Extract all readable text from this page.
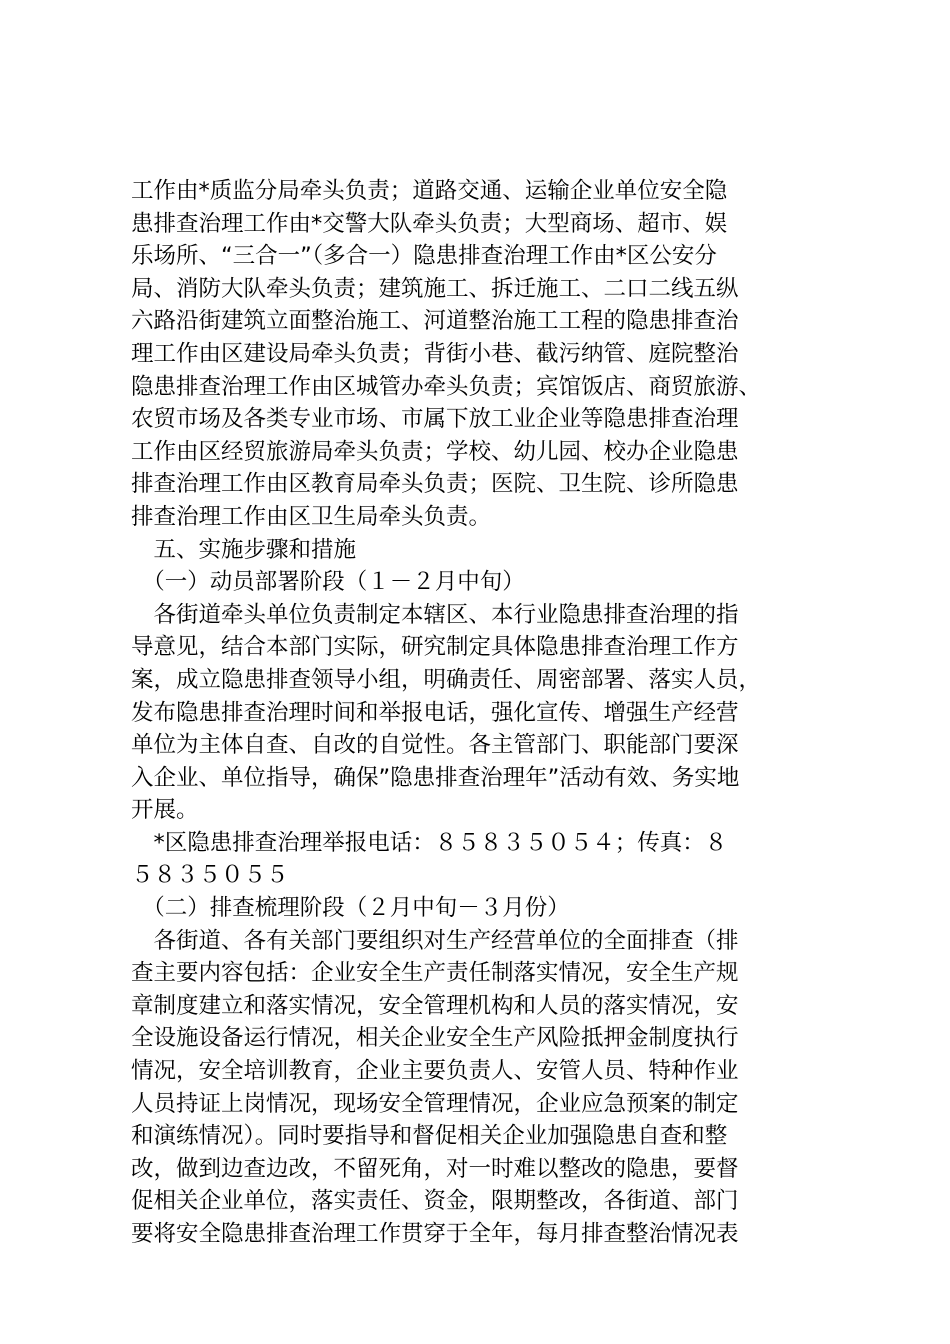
工作由*质监分局牵头负责；道路交通、运输企业单位安全隐
患排查治理工作由*交警大队牵头负责；大型商场、超市、娱
乐场所、“三合一”（多合一）隐患排查治理工作由*区公安分
局、消防大队牵头负责；建筑施工、拆迁施工、二口二线五纵
六路沿街建筑立面整治施工、河道整治施工工程的隐患排查治
理工作由区建设局牵头负责；背街小巷、截污纳管、庭院整治
隐患排查治理工作由区城管办牵头负责；宾馆饭店、商贸旅游、
农贸市场及各类专业市场、市属下放工业企业等隐患排查治理
工作由区经贸旅游局牵头负责；学校、幼儿园、校办企业隐患
排查治理工作由区教育局牵头负责；医院、卫生院、诊所隐患
排查治理工作由区卫生局牵头负责。
　五、实施步骤和措施
　（一）动员部署阶段（１－２月中旬）
　各街道牵头单位负责制定本辖区、本行业隐患排查治理的指
导意见，结合本部门实际，研究制定具体隐患排查治理工作方
案，成立隐患排查领导小组，明确责任、周密部署、落实人员，
发布隐患排查治理时间和举报电话，强化宣传、增强生产经营
单位为主体自查、自改的自觉性。各主管部门、职能部门要深
入企业、单位指导，确保”隐患排查治理年”活动有效、务实地
开展。
　*区隐患排查治理举报电话：８５８３５０５４；传真：８
５８３５０５５
　（二）排查梳理阶段（２月中旬－３月份）
　各街道、各有关部门要组织对生产经营单位的全面排查（排
查主要内容包括：企业安全生产责任制落实情况，安全生产规
章制度建立和落实情况，安全管理机构和人员的落实情况，安
全设施设备运行情况，相关企业安全生产风险抵押金制度执行
情况，安全培训教育，企业主要负责人、安管人员、特种作业
人员持证上岗情况，现场安全管理情况，企业应急预案的制定
和演练情况）。同时要指导和督促相关企业加强隐患自查和整
改，做到边查边改，不留死角，对一时难以整改的隐患，要督
促相关企业单位，落实责任、资金，限期整改，各街道、部门
要将安全隐患排查治理工作贯穿于全年，每月排查整治情况表
